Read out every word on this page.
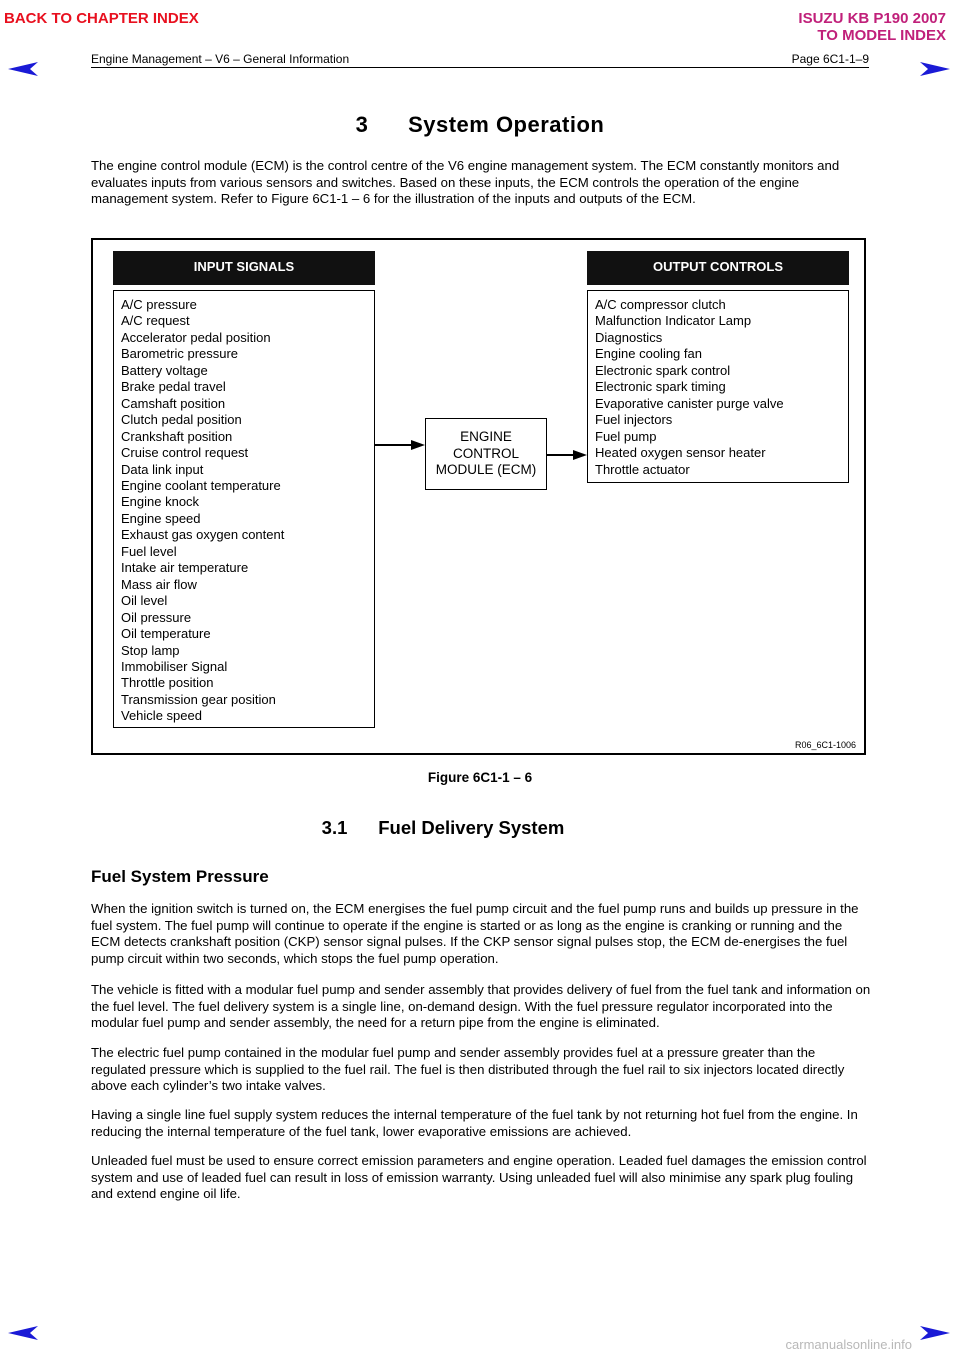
BACK TO CHAPTER INDEX	ISUZU KB P190 2007
TO MODEL INDEX
Engine Management – V6 – General Information	Page 6C1-1–9
3      System Operation
The engine control module (ECM) is the control centre of the V6 engine management system. The ECM constantly monitors and evaluates inputs from various sensors and switches. Based on these inputs, the ECM controls the operation of the engine management system. Refer to Figure 6C1-1 – 6 for the illustration of the inputs and outputs of the ECM.
INPUT SIGNALS	OUTPUT CONTROLS
A/C pressure
A/C request
Accelerator pedal position
Barometric pressure
Battery voltage
Brake pedal travel
Camshaft position
Clutch pedal position
Crankshaft position
Cruise control request
Data link input
Engine coolant temperature
Engine knock
Engine speed
Exhaust gas oxygen content
Fuel level
Intake air temperature
Mass air flow
Oil level
Oil pressure
Oil temperature
Stop lamp
Immobiliser Signal
Throttle position
Transmission gear position
Vehicle speed
A/C compressor clutch
Malfunction Indicator Lamp
Diagnostics
Engine cooling fan
Electronic spark control
Electronic spark timing
Evaporative canister purge valve
Fuel injectors
Fuel pump
Heated oxygen sensor heater
Throttle actuator
ENGINE
CONTROL
MODULE (ECM)
R06_6C1-1006
Figure 6C1-1 – 6
3.1      Fuel Delivery System
Fuel System Pressure
When the ignition switch is turned on, the ECM energises the fuel pump circuit and the fuel pump runs and builds up pressure in the fuel system. The fuel pump will continue to operate if the engine is started or as long as the engine is cranking or running and the ECM detects crankshaft position (CKP) sensor signal pulses. If the CKP sensor signal pulses stop, the ECM de-energises the fuel pump circuit within two seconds, which stops the fuel pump operation.
The vehicle is fitted with a modular fuel pump and sender assembly that provides delivery of fuel from the fuel tank and information on the fuel level. The fuel delivery system is a single line, on-demand design. With the fuel pressure regulator incorporated into the modular fuel pump and sender assembly, the need for a return pipe from the engine is eliminated.
The electric fuel pump contained in the modular fuel pump and sender assembly provides fuel at a pressure greater than the regulated pressure which is supplied to the fuel rail. The fuel is then distributed through the fuel rail to six injectors located directly above each cylinder’s two intake valves.
Having a single line fuel supply system reduces the internal temperature of the fuel tank by not returning hot fuel from the engine. In reducing the internal temperature of the fuel tank, lower evaporative emissions are achieved.
Unleaded fuel must be used to ensure correct emission parameters and engine operation. Leaded fuel damages the emission control system and use of leaded fuel can result in loss of emission warranty. Using unleaded fuel will also minimise any spark plug fouling and extend engine oil life.
carmanualsonline.info
